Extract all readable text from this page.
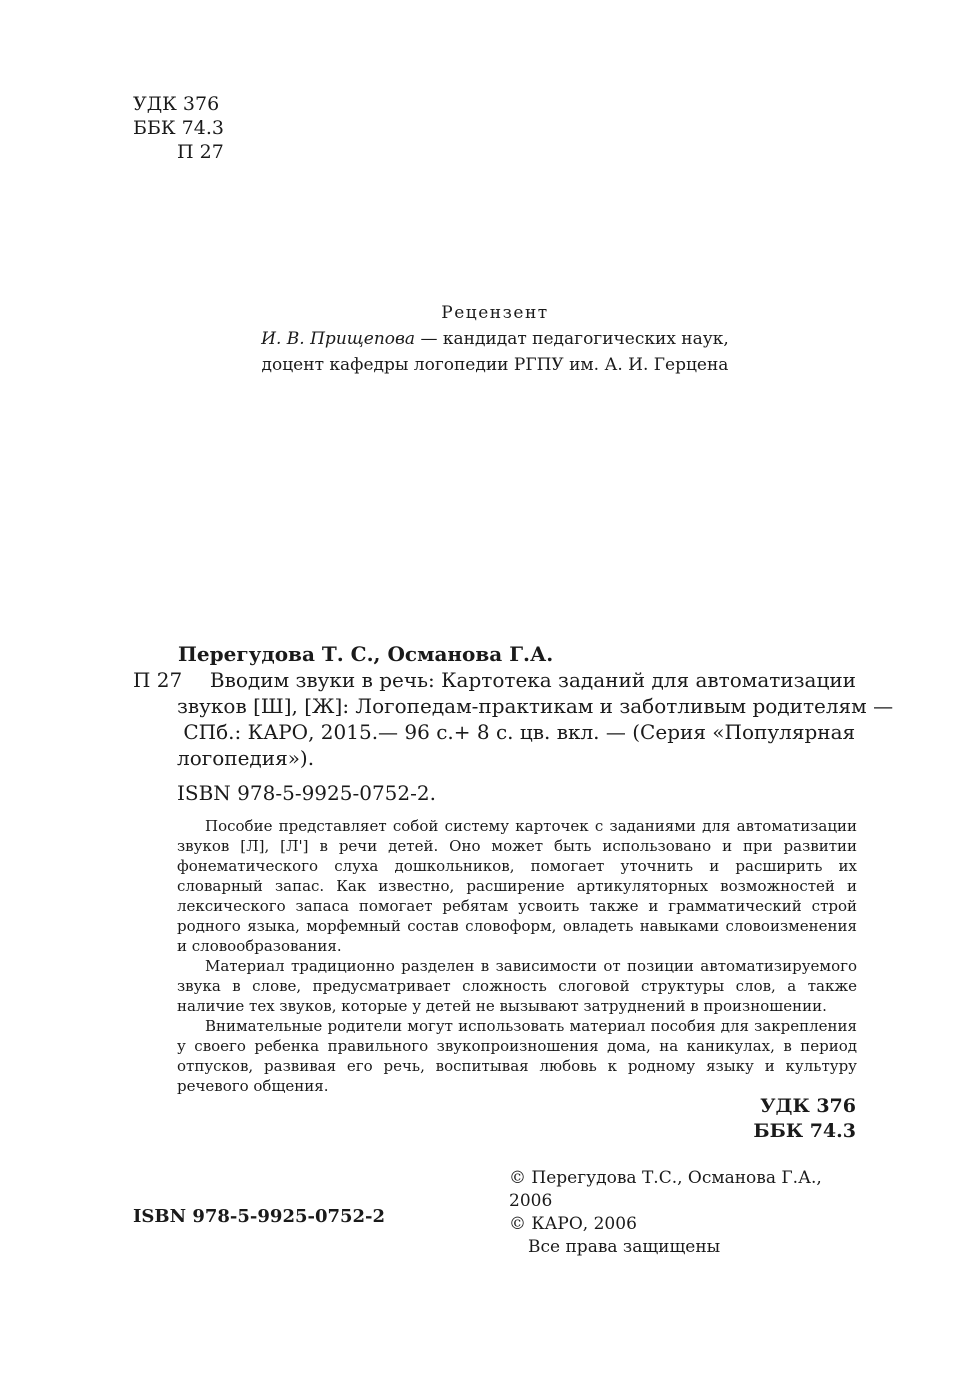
УДК 376
ББК 74.3
П 27
Рецензент
И. В. Прищепова — кандидат педагогических наук,
доцент кафедры логопедии РГПУ им. А. И. Герцена
Перегудова Т. С., Османова Г.А.
П 27	Вводим звуки в речь: Картотека заданий для автоматизации
звуков [Ш], [Ж]: Логопедам-практикам и заботливым родителям —
СПб.: КАРО, 2015.— 96 с.+ 8 с. цв. вкл. — (Серия «Популярная
логопедия»).
ISBN 978-5-9925-0752-2.

Пособие представляет собой систему карточек с заданиями для автоматизации звуков [Л], [Л'] в речи детей. Оно может быть использовано и при развитии фонематического слуха дошкольников, помогает уточнить и расширить их словарный запас. Как известно, расширение артикуляторных возможностей и лексического запаса помогает ребятам усвоить также и грамматический строй родного языка, морфемный состав словоформ, овладеть навыками словоизменения и словообразования.

Материал традиционно разделен в зависимости от позиции автоматизируемого звука в слове, предусматривает сложность слоговой структуры слов, а также наличие тех звуков, которые у детей не вызывают затруднений в произношении.

Внимательные родители могут использовать материал пособия для закрепления у своего ребенка правильного звукопроизношения дома, на каникулах, в период отпусков, развивая его речь, воспитывая любовь к родному языку и культуру речевого общения.

УДК 376
ББК 74.3
© Перегудова Т.С., Османова Г.А., 2006
© КАРО, 2006
Все права защищены
ISBN 978-5-9925-0752-2
